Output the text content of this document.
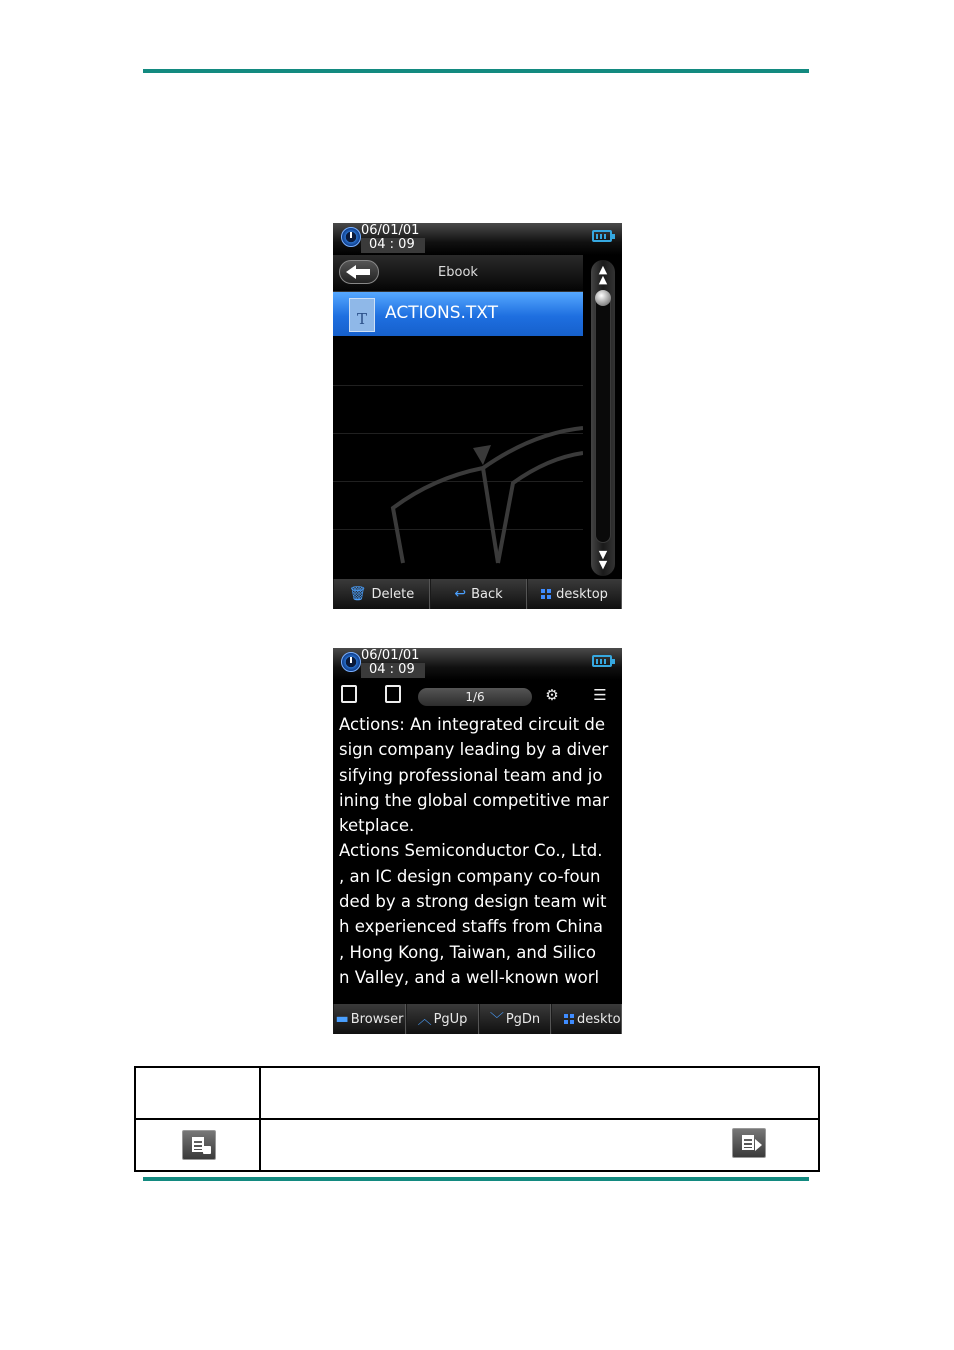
06/01/01
04 : 09
Ebook
T	ACTIONS.TXT
▲
▲
▼
▼
🗑 Delete	↩ Back	desktop
06/01/01
04 : 09
1/6	⚙ ☰
Actions: An integrated circuit de
sign company leading by a diver
sifying professional team and jo
ining the global competitive mar
ketplace.
Actions Semiconductor Co., Ltd.
, an IC design company co-foun
ded by a strong design team wit
h experienced staffs from China
, Hong Kong, Taiwan, and Silico
n Valley, and a well-known worl
▬ Browser ︿ PgUp ﹀ PgDn	deskto
